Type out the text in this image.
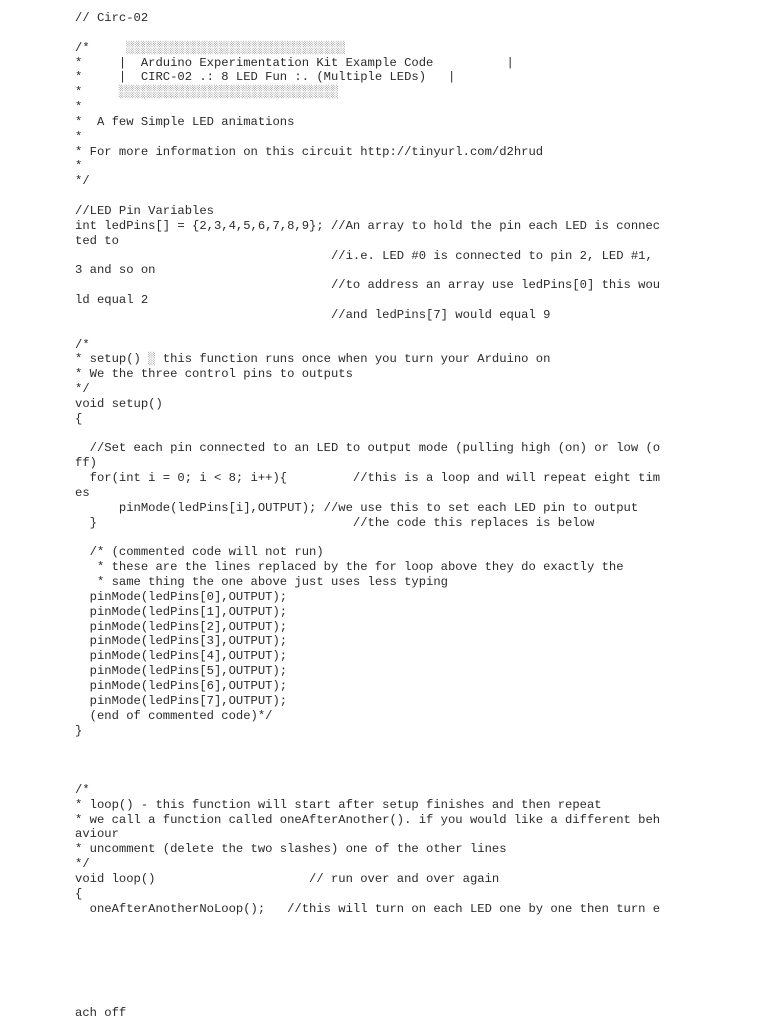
// Circ-02
/*     ░░░░░░░░░░░░░░░░░░░░░░░░░░░░░░
*     |  Arduino Experimentation Kit Example Code          |
*     |  CIRC-02 .: 8 LED Fun :. (Multiple LEDs)   |
*     ░░░░░░░░░░░░░░░░░░░░░░░░░░░░░░
*
*  A few Simple LED animations
*
* For more information on this circuit http://tinyurl.com/d2hrud
*
*/
//LED Pin Variables
int ledPins[] = {2,3,4,5,6,7,8,9}; //An array to hold the pin each LED is connec
ted to
//i.e. LED #0 is connected to pin 2, LED #1,
3 and so on
//to address an array use ledPins[0] this wou
ld equal 2
//and ledPins[7] would equal 9
/*
* setup() ░ this function runs once when you turn your Arduino on
* We the three control pins to outputs
*/
void setup()
{
//Set each pin connected to an LED to output mode (pulling high (on) or low (o
ff)
for(int i = 0; i < 8; i++){         //this is a loop and will repeat eight tim
es
pinMode(ledPins[i],OUTPUT); //we use this to set each LED pin to output
}                                   //the code this replaces is below
/* (commented code will not run)
* these are the lines replaced by the for loop above they do exactly the
* same thing the one above just uses less typing
pinMode(ledPins[0],OUTPUT);
pinMode(ledPins[1],OUTPUT);
pinMode(ledPins[2],OUTPUT);
pinMode(ledPins[3],OUTPUT);
pinMode(ledPins[4],OUTPUT);
pinMode(ledPins[5],OUTPUT);
pinMode(ledPins[6],OUTPUT);
pinMode(ledPins[7],OUTPUT);
(end of commented code)*/
}
/*
* loop() - this function will start after setup finishes and then repeat
* we call a function called oneAfterAnother(). if you would like a different beh
aviour
* uncomment (delete the two slashes) one of the other lines
*/
void loop()                     // run over and over again
{
oneAfterAnotherNoLoop();   //this will turn on each LED one by one then turn e
ach off
